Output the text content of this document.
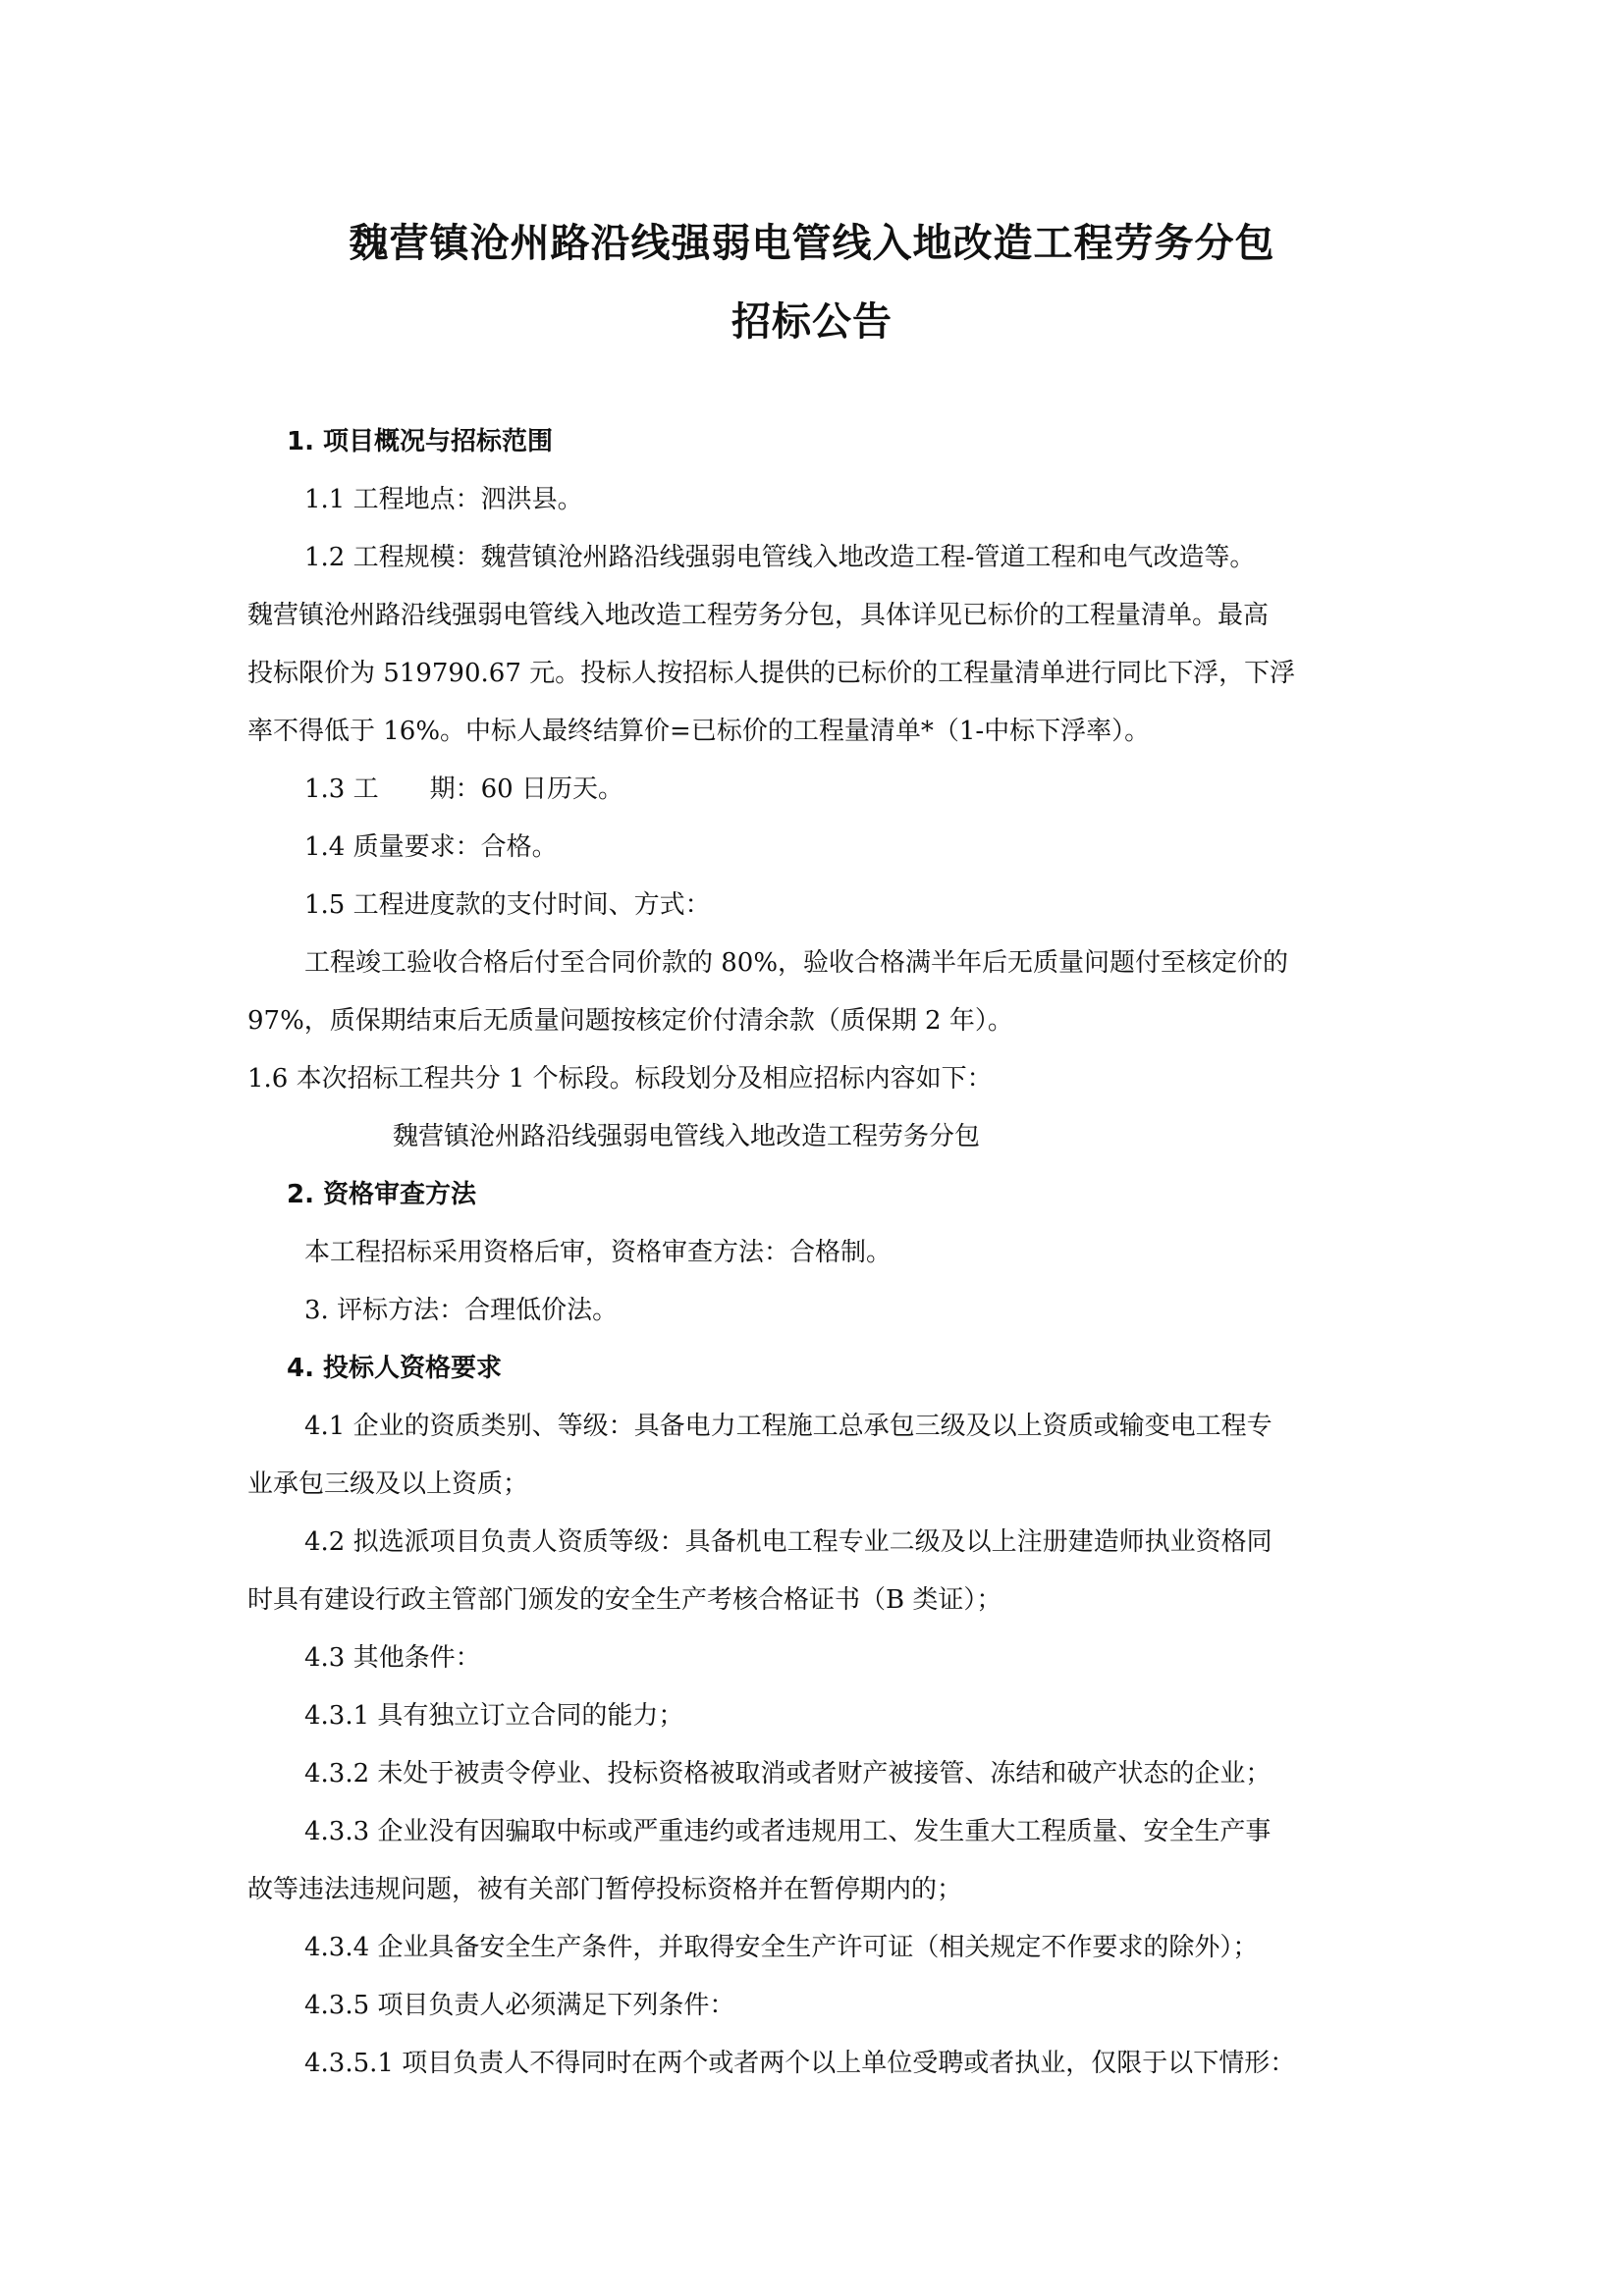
魏营镇沧州路沿线强弱电管线入地改造工程劳务分包
招标公告
1. 项目概况与招标范围
1.1 工程地点：泗洪县。
1.2 工程规模：魏营镇沧州路沿线强弱电管线入地改造工程-管道工程和电气改造等。
魏营镇沧州路沿线强弱电管线入地改造工程劳务分包，具体详见已标价的工程量清单。最高
投标限价为 519790.67 元。投标人按招标人提供的已标价的工程量清单进行同比下浮，下浮
率不得低于 16%。中标人最终结算价=已标价的工程量清单*（1-中标下浮率）。
1.3 工　　期：60 日历天。
1.4 质量要求：合格。
1.5 工程进度款的支付时间、方式：
工程竣工验收合格后付至合同价款的 80%，验收合格满半年后无质量问题付至核定价的
97%，质保期结束后无质量问题按核定价付清余款（质保期 2 年）。
1.6 本次招标工程共分 1 个标段。标段划分及相应招标内容如下：
魏营镇沧州路沿线强弱电管线入地改造工程劳务分包
2. 资格审查方法
本工程招标采用资格后审，资格审查方法：合格制。
3. 评标方法：合理低价法。
4. 投标人资格要求
4.1 企业的资质类别、等级：具备电力工程施工总承包三级及以上资质或输变电工程专
业承包三级及以上资质；
4.2 拟选派项目负责人资质等级：具备机电工程专业二级及以上注册建造师执业资格同
时具有建设行政主管部门颁发的安全生产考核合格证书（B 类证）；
4.3 其他条件：
4.3.1 具有独立订立合同的能力；
4.3.2 未处于被责令停业、投标资格被取消或者财产被接管、冻结和破产状态的企业；
4.3.3 企业没有因骗取中标或严重违约或者违规用工、发生重大工程质量、安全生产事
故等违法违规问题，被有关部门暂停投标资格并在暂停期内的；
4.3.4 企业具备安全生产条件，并取得安全生产许可证（相关规定不作要求的除外）；
4.3.5 项目负责人必须满足下列条件：
4.3.5.1 项目负责人不得同时在两个或者两个以上单位受聘或者执业，仅限于以下情形：
